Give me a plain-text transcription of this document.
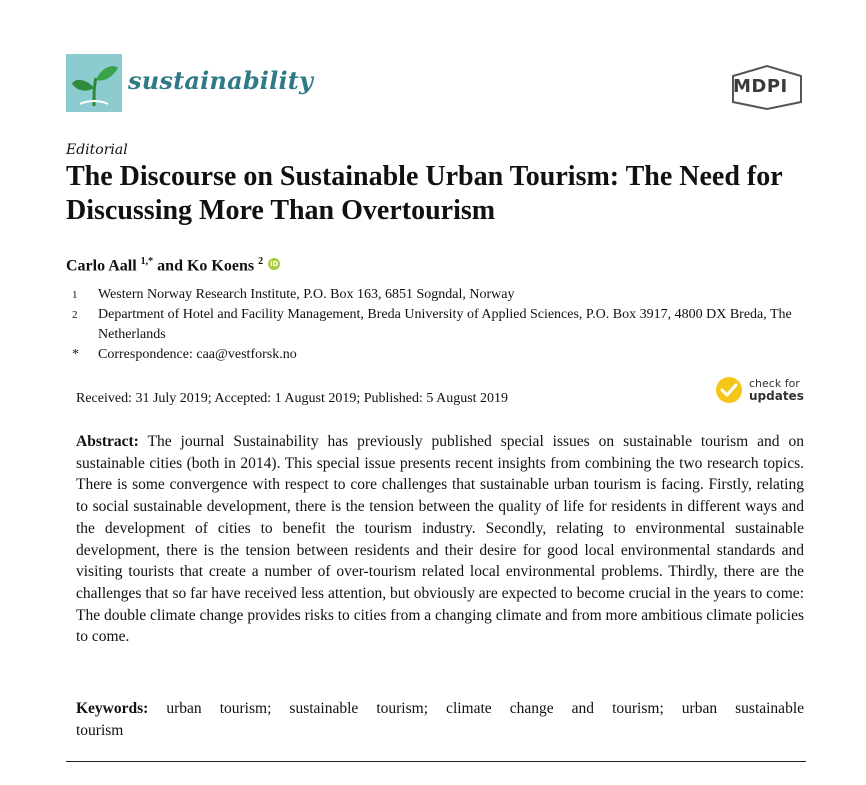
sustainability	MDPI
Editorial
The Discourse on Sustainable Urban Tourism: The Need for Discussing More Than Overtourism
Carlo Aall $^{1,*}$ and Ko Koens $^2$ iD
1	Western Norway Research Institute, P.O. Box 163, 6851 Sogndal, Norway
2	Department of Hotel and Facility Management, Breda University of Applied Sciences, P.O. Box 3917, 4800 DX Breda, The Netherlands
*	Correspondence: caa@vestforsk.no
Received: 31 July 2019; Accepted: 1 August 2019; Published: 5 August 2019
check for
updates

Abstract: The journal Sustainability has previously published special issues on sustainable tourism and on sustainable cities (both in 2014). This special issue presents recent insights from combining the two research topics. There is some convergence with respect to core challenges that sustainable urban tourism is facing. Firstly, relating to social sustainable development, there is the tension between the quality of life for residents in different ways and the development of cities to benefit the tourism industry. Secondly, relating to environmental sustainable development, there is the tension between residents and their desire for good local environmental standards and visiting tourists that create a number of over-tourism related local environmental problems. Thirdly, there are the challenges that so far have received less attention, but obviously are expected to become crucial in the years to come: The double climate change provides risks to cities from a changing climate and from more ambitious climate policies to come.

Keywords: urban tourism; sustainable tourism; climate change and tourism; urban sustainable tourism
